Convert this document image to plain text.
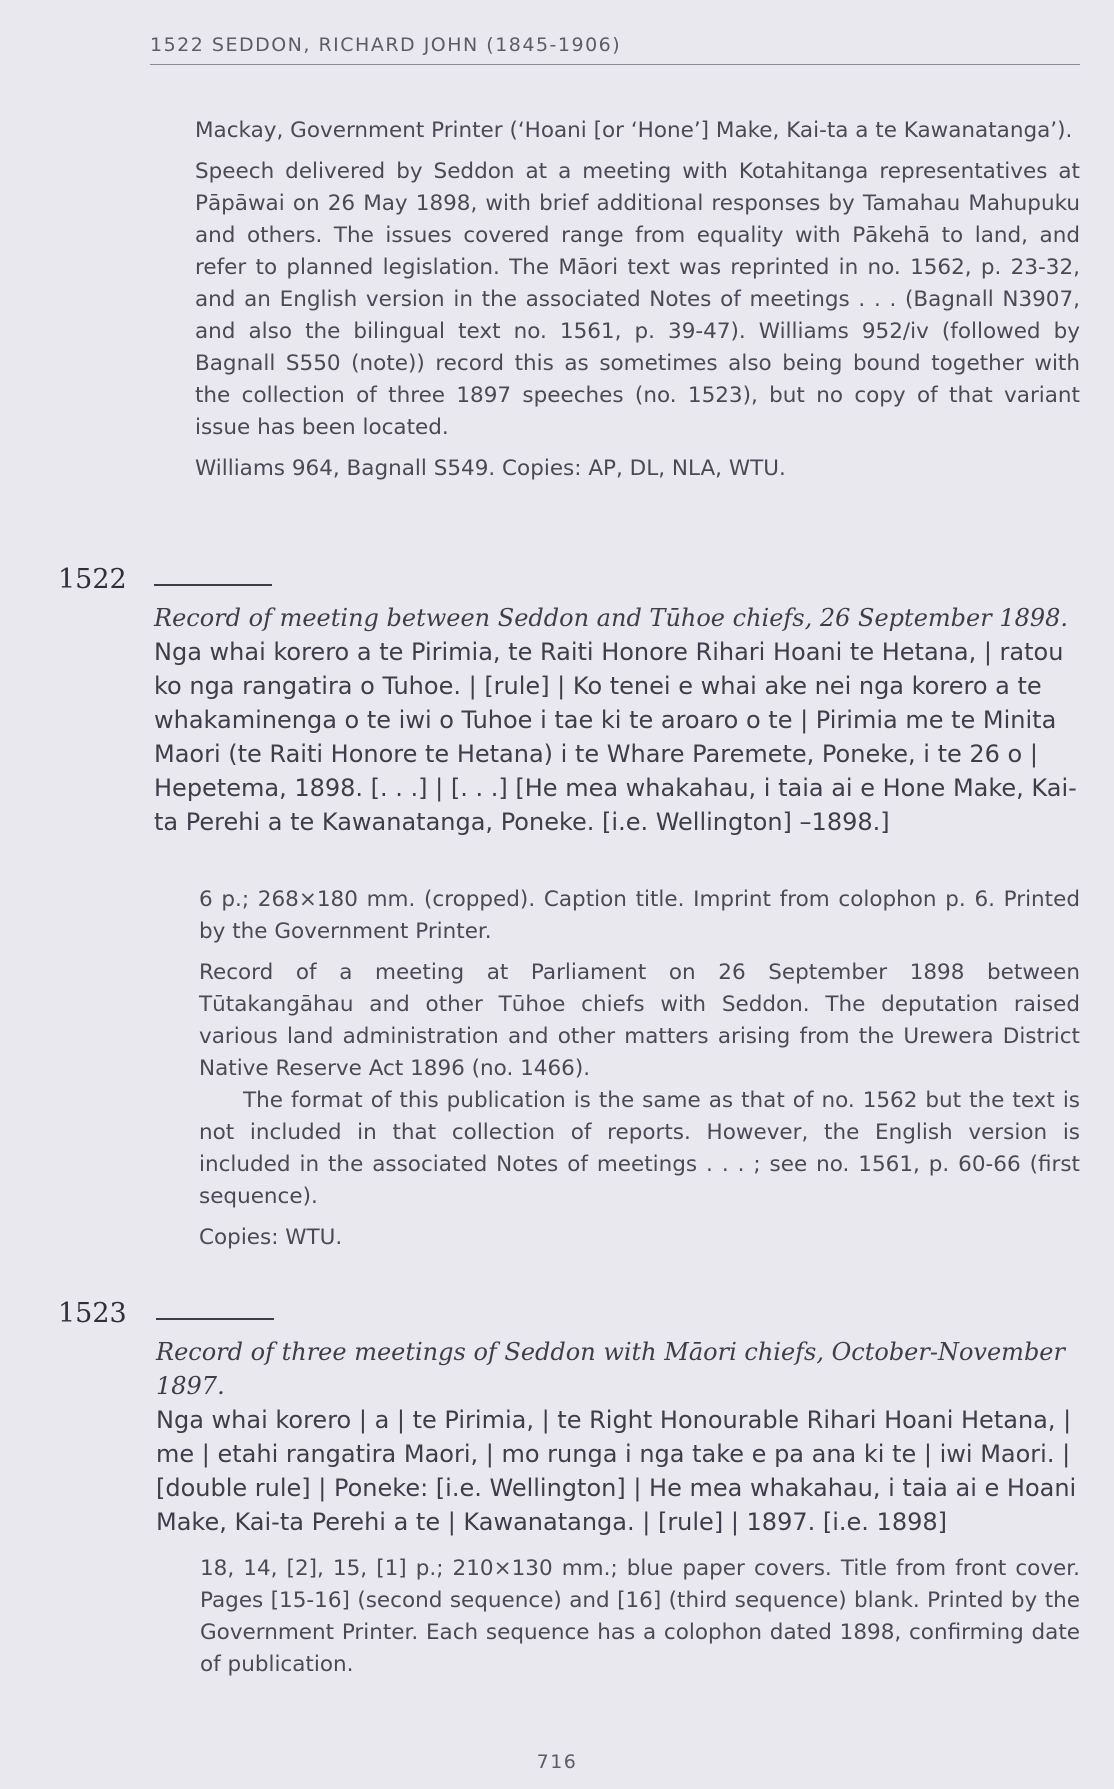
1522 SEDDON, RICHARD JOHN (1845-1906)

Mackay, Government Printer (‘Hoani [or ‘Hone’] Make, Kai-ta a te Kawanatanga’).

Speech delivered by Seddon at a meeting with Kotahitanga representatives at Pāpāwai on 26 May 1898, with brief additional responses by Tamahau Mahupuku and others. The issues covered range from equality with Pākehā to land, and refer to planned legislation. The Māori text was reprinted in no. 1562, p. 23-32, and an English version in the associated Notes of meetings . . . (Bagnall N3907, and also the bilingual text no. 1561, p. 39-47). Williams 952/iv (followed by Bagnall S550 (note)) record this as sometimes also being bound together with the collection of three 1897 speeches (no. 1523), but no copy of that variant issue has been located.

Williams 964, Bagnall S549. Copies: AP, DL, NLA, WTU.

1522

Record of meeting between Seddon and Tūhoe chiefs, 26 September 1898.

Nga whai korero a te Pirimia, te Raiti Honore Rihari Hoani te Hetana, | ratou ko nga rangatira o Tuhoe. | [rule] | Ko tenei e whai ake nei nga korero a te whakaminenga o te iwi o Tuhoe i tae ki te aroaro o te | Pirimia me te Minita Maori (te Raiti Honore te Hetana) i te Whare Paremete, Poneke, i te 26 o | Hepetema, 1898. [. . .] | [. . .] [He mea whakahau, i taia ai e Hone Make, Kai-ta Perehi a te Kawanatanga, Poneke. [i.e. Wellington] –1898.]

6 p.; 268×180 mm. (cropped). Caption title. Imprint from colophon p. 6. Printed by the Government Printer.

Record of a meeting at Parliament on 26 September 1898 between Tūtakangāhau and other Tūhoe chiefs with Seddon. The deputation raised various land administration and other matters arising from the Urewera District Native Reserve Act 1896 (no. 1466).

The format of this publication is the same as that of no. 1562 but the text is not included in that collection of reports. However, the English version is included in the associated Notes of meetings . . . ; see no. 1561, p. 60-66 (first sequence).

Copies: WTU.

1523

Record of three meetings of Seddon with Māori chiefs, October-November 1897.

Nga whai korero | a | te Pirimia, | te Right Honourable Rihari Hoani Hetana, | me | etahi rangatira Maori, | mo runga i nga take e pa ana ki te | iwi Maori. | [double rule] | Poneke: [i.e. Wellington] | He mea whakahau, i taia ai e Hoani Make, Kai-ta Perehi a te | Kawanatanga. | [rule] | 1897. [i.e. 1898]

18, 14, [2], 15, [1] p.; 210×130 mm.; blue paper covers. Title from front cover. Pages [15-16] (second sequence) and [16] (third sequence) blank. Printed by the Government Printer. Each sequence has a colophon dated 1898, confirming date of publication.

716
